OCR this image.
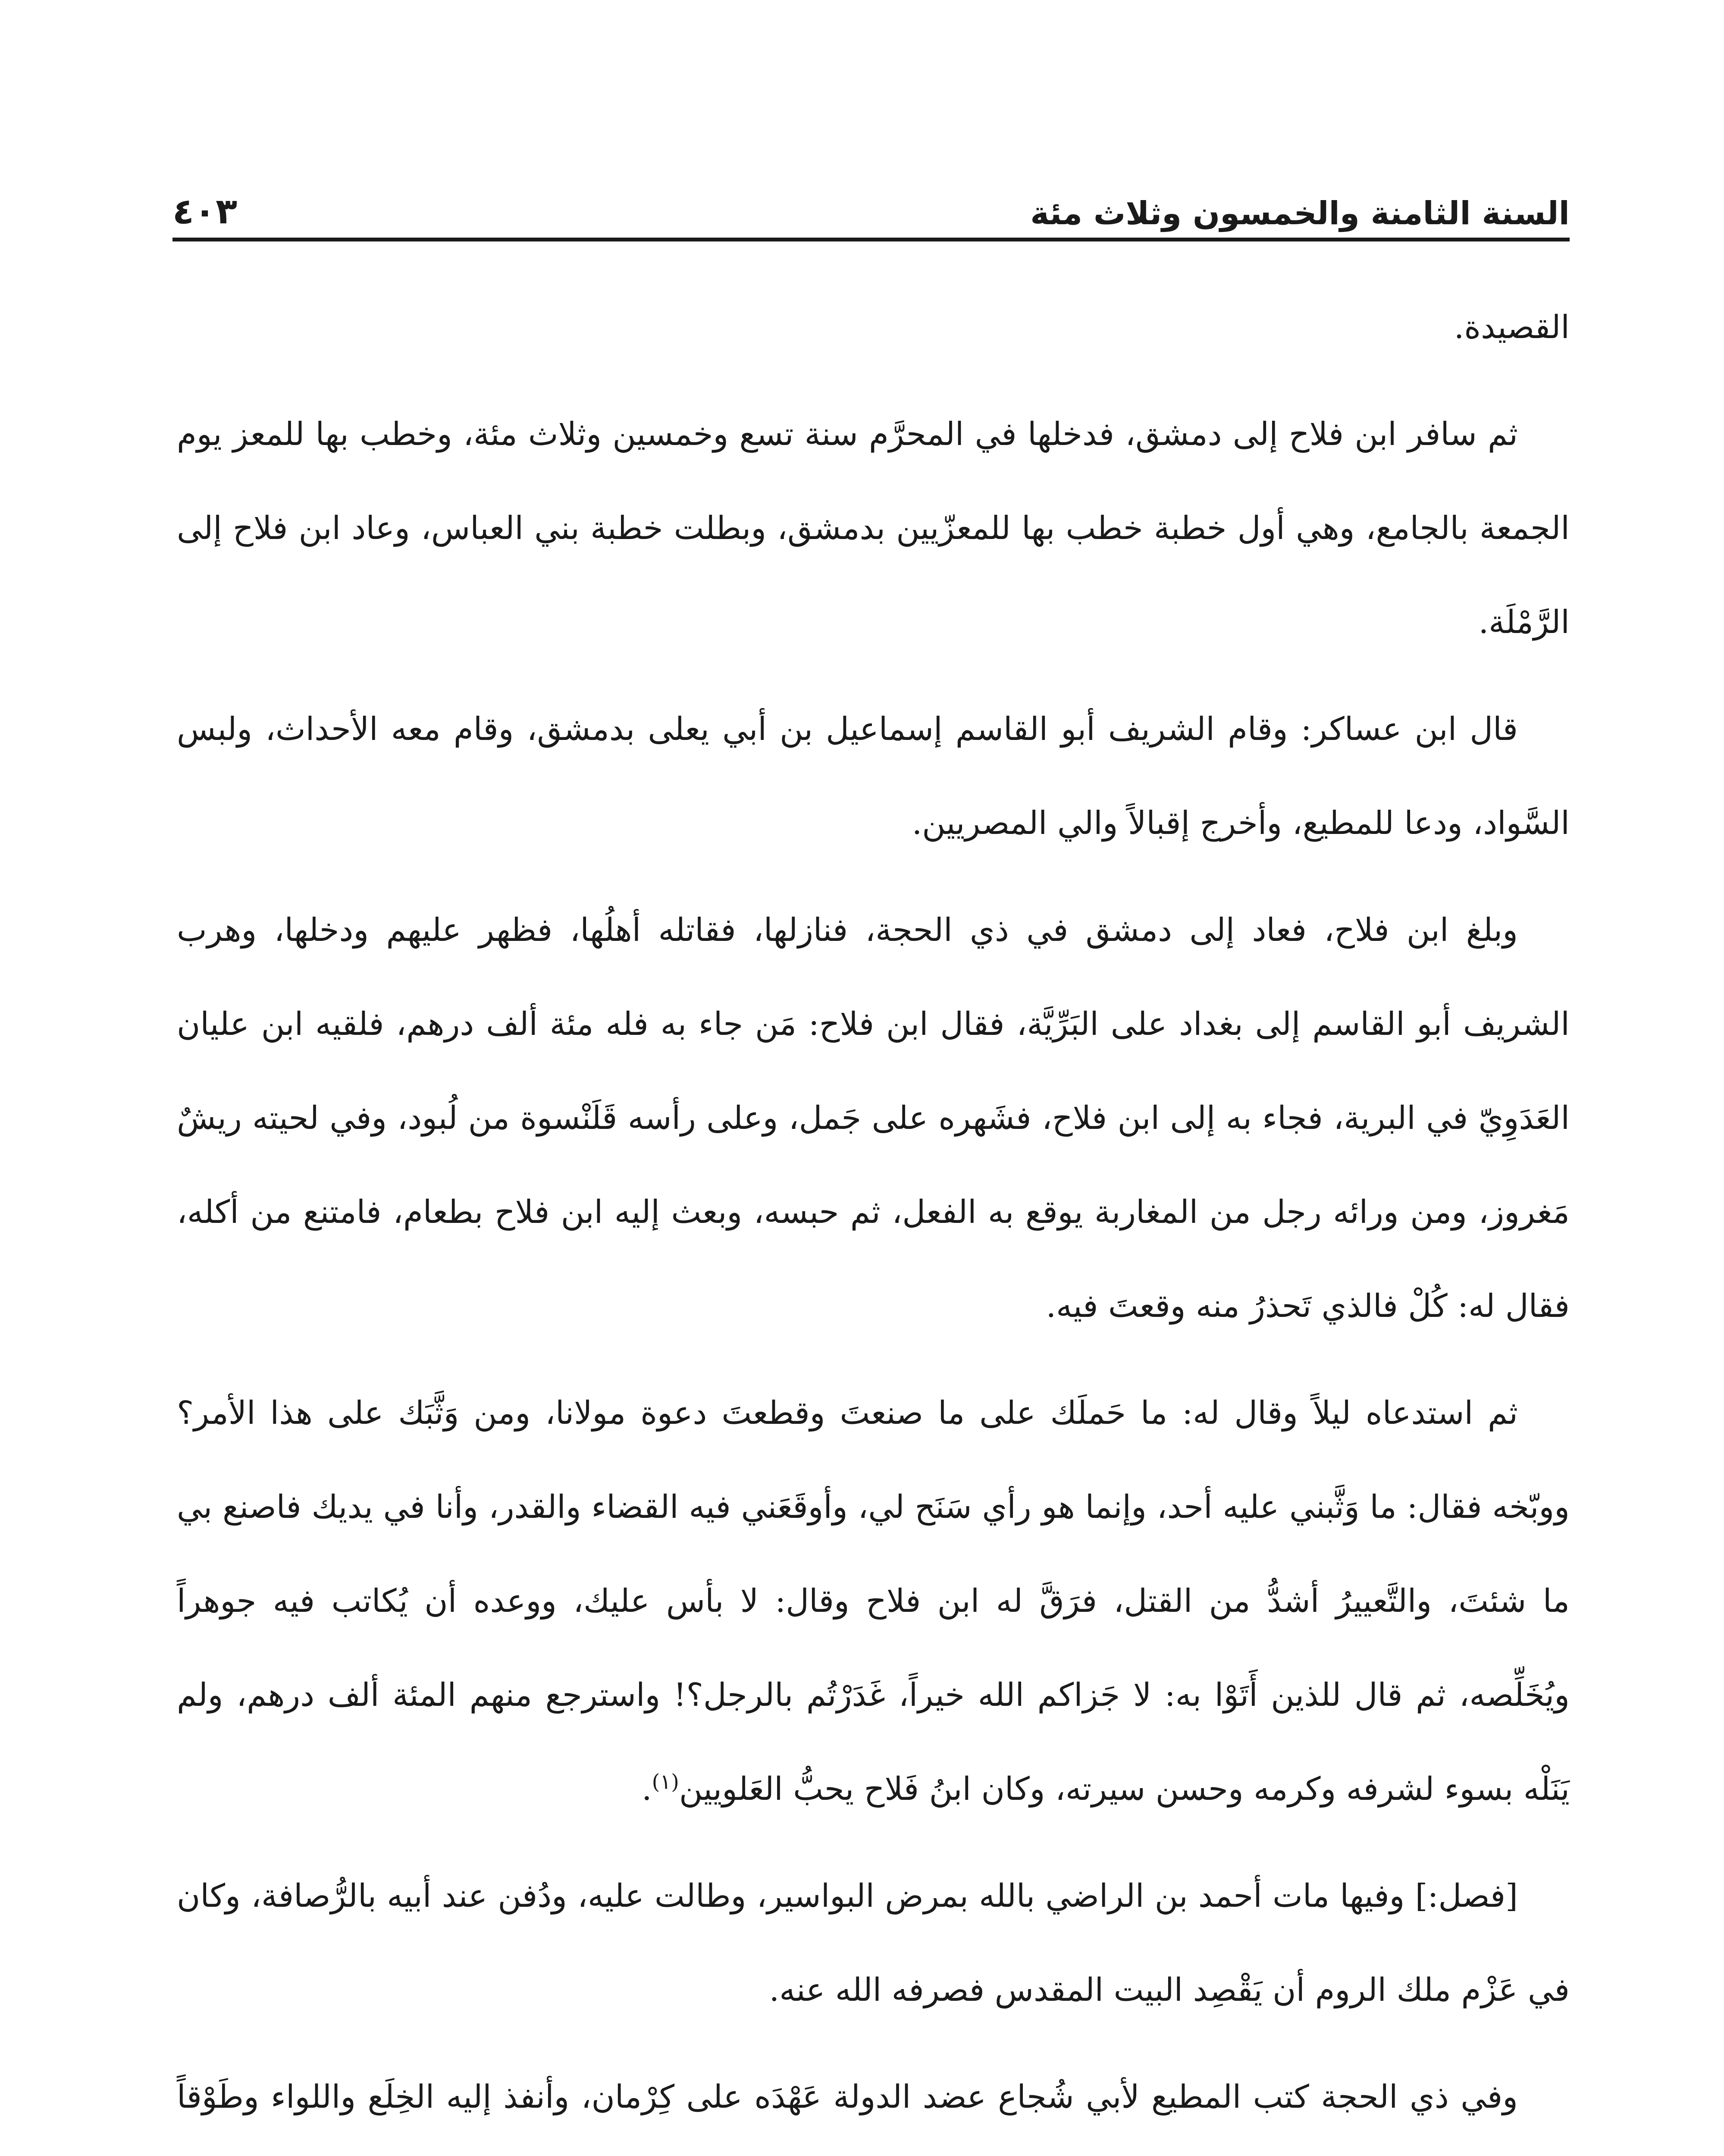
السنة الثامنة والخمسون وثلاث مئة
٤٠٣

القصيدة.

ثم سافر ابن فلاح إلى دمشق، فدخلها في المحرَّم سنة تسع وخمسين وثلاث مئة، وخطب بها للمعز يوم الجمعة بالجامع، وهي أول خطبة خطب بها للمعزّيين بدمشق، وبطلت خطبة بني العباس، وعاد ابن فلاح إلى الرَّمْلَة.

قال ابن عساكر: وقام الشريف أبو القاسم إسماعيل بن أبي يعلى بدمشق، وقام معه الأحداث، ولبس السَّواد، ودعا للمطيع، وأخرج إقبالاً والي المصريين.

وبلغ ابن فلاح، فعاد إلى دمشق في ذي الحجة، فنازلها، فقاتله أهلُها، فظهر عليهم ودخلها، وهرب الشريف أبو القاسم إلى بغداد على البَرِّيَّة، فقال ابن فلاح: مَن جاء به فله مئة ألف درهم، فلقيه ابن عليان العَدَوِيّ في البرية، فجاء به إلى ابن فلاح، فشَهره على جَمل، وعلى رأسه قَلَنْسوة من لُبود، وفي لحيته ريشٌ مَغروز، ومن ورائه رجل من المغاربة يوقع به الفعل، ثم حبسه، وبعث إليه ابن فلاح بطعام، فامتنع من أكله، فقال له: كُلْ فالذي تَحذرُ منه وقعتَ فيه.

ثم استدعاه ليلاً وقال له: ما حَملَك على ما صنعتَ وقطعتَ دعوة مولانا، ومن وَثَّبَك على هذا الأمر؟ ووبّخه فقال: ما وَثَّبني عليه أحد، وإنما هو رأي سَنَح لي، وأوقَعَني فيه القضاء والقدر، وأنا في يديك فاصنع بي ما شئتَ، والتَّعييرُ أشدُّ من القتل، فرَقَّ له ابن فلاح وقال: لا بأس عليك، ووعده أن يُكاتب فيه جوهراً ويُخَلِّصه، ثم قال للذين أَتَوْا به: لا جَزاكم الله خيراً، غَدَرْتُم بالرجل؟! واسترجع منهم المئة ألف درهم، ولم يَنَلْه بسوء لشرفه وكرمه وحسن سيرته، وكان ابنُ فَلاح يحبُّ العَلويين$^{(١)}$.

[فصل:] وفيها مات أحمد بن الراضي بالله بمرض البواسير، وطالت عليه، ودُفن عند أبيه بالرُّصافة، وكان في عَزْم ملك الروم أن يَقْصِد البيت المقدس فصرفه الله عنه.

وفي ذي الحجة كتب المطيع لأبي شُجاع عضد الدولة عَهْدَه على كِرْمان، وأنفذ إليه الخِلَع واللواء وطَوْقاً
